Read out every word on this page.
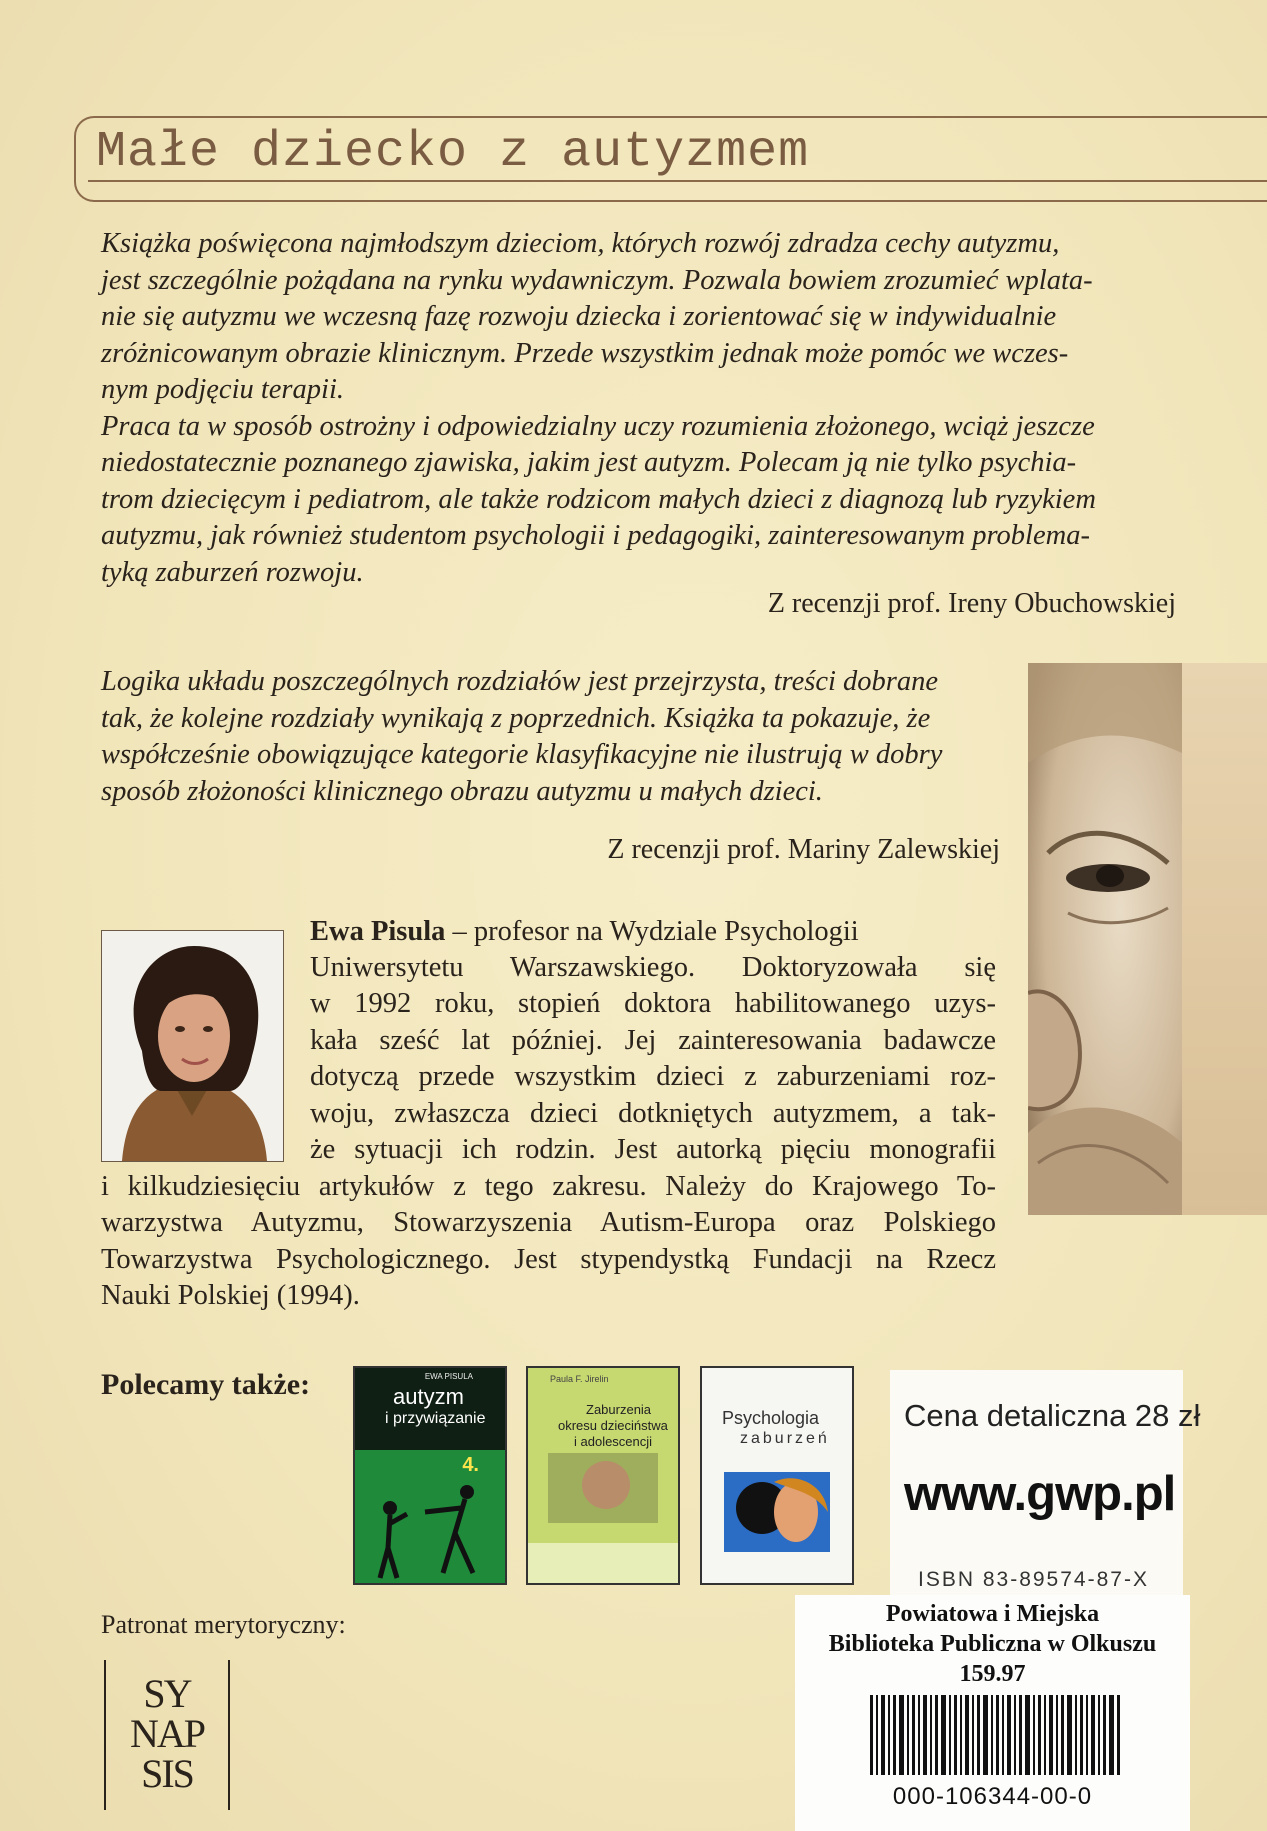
Małe dziecko z autyzmem

Książka poświęcona najmłodszym dzieciom, których rozwój zdradza cechy autyzmu,

jest szczególnie pożądana na rynku wydawniczym. Pozwala bowiem zrozumieć wplata-

nie się autyzmu we wczesną fazę rozwoju dziecka i zorientować się w indywidualnie

zróżnicowanym obrazie klinicznym. Przede wszystkim jednak może pomóc we wczes-

nym podjęciu terapii.

Praca ta w sposób ostrożny i odpowiedzialny uczy rozumienia złożonego, wciąż jeszcze

niedostatecznie poznanego zjawiska, jakim jest autyzm. Polecam ją nie tylko psychia-

trom dziecięcym i pediatrom, ale także rodzicom małych dzieci z diagnozą lub ryzykiem

autyzmu, jak również studentom psychologii i pedagogiki, zainteresowanym problema-

tyką zaburzeń rozwoju.

Z recenzji prof. Ireny Obuchowskiej

Logika układu poszczególnych rozdziałów jest przejrzysta, treści dobrane

tak, że kolejne rozdziały wynikają z poprzednich. Książka ta pokazuje, że

współcześnie obowiązujące kategorie klasyfikacyjne nie ilustrują w dobry

sposób złożoności klinicznego obrazu autyzmu u małych dzieci.

Z recenzji prof. Mariny Zalewskiej

Ewa Pisula – profesor na Wydziale Psychologii

Uniwersytetu Warszawskiego. Doktoryzowała się
w 1992 roku, stopień doktora habilitowanego uzys-
kała sześć lat później. Jej zainteresowania badawcze
dotyczą przede wszystkim dzieci z zaburzeniami roz-
woju, zwłaszcza dzieci dotkniętych autyzmem, a tak-
że sytuacji ich rodzin. Jest autorką pięciu monografii
i kilkudziesięciu artykułów z tego zakresu. Należy do Krajowego To-
warzystwa Autyzmu, Stowarzyszenia Autism-Europa oraz Polskiego
Towarzystwa Psychologicznego. Jest stypendystką Fundacji na Rzecz
Nauki Polskiej (1994).

Polecamy także:	EWA PISULA
autyzm
i przywiązanie
4.
Paula F. Jirelin
Zaburzenia
okresu dzieciństwa
i adolescencji
Psychologia
zaburzeń
Cena detaliczna 28 zł
www.gwp.pl
ISBN 83-89574-87-X

Powiatowa i Miejska

Biblioteka Publiczna w Olkuszu

159.97

000-106344-00-0

Patronat merytoryczny:

SY

NAP

SIS
